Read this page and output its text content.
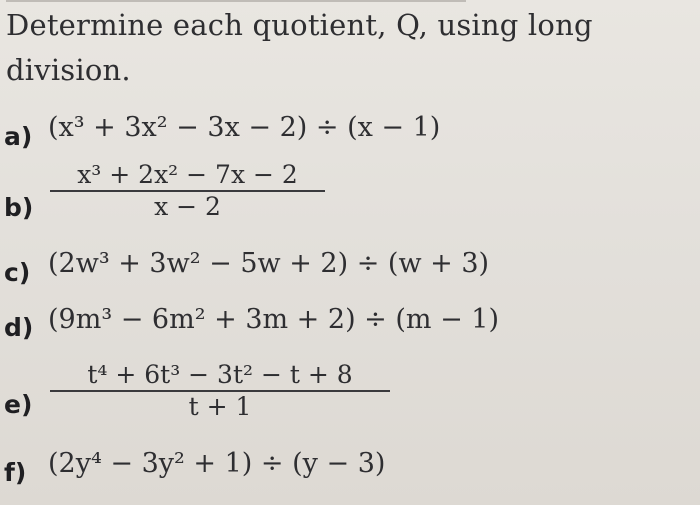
Determine each quotient, Q, using long
division.
a) (x³ + 3x² − 3x − 2) ÷ (x − 1)
b)
x³ + 2x² − 7x − 2
x − 2
c) (2w³ + 3w² − 5w + 2) ÷ (w + 3)
d) (9m³ − 6m² + 3m + 2) ÷ (m − 1)
e)
t⁴ + 6t³ − 3t² − t + 8
t + 1
f) (2y⁴ − 3y² + 1) ÷ (y − 3)
